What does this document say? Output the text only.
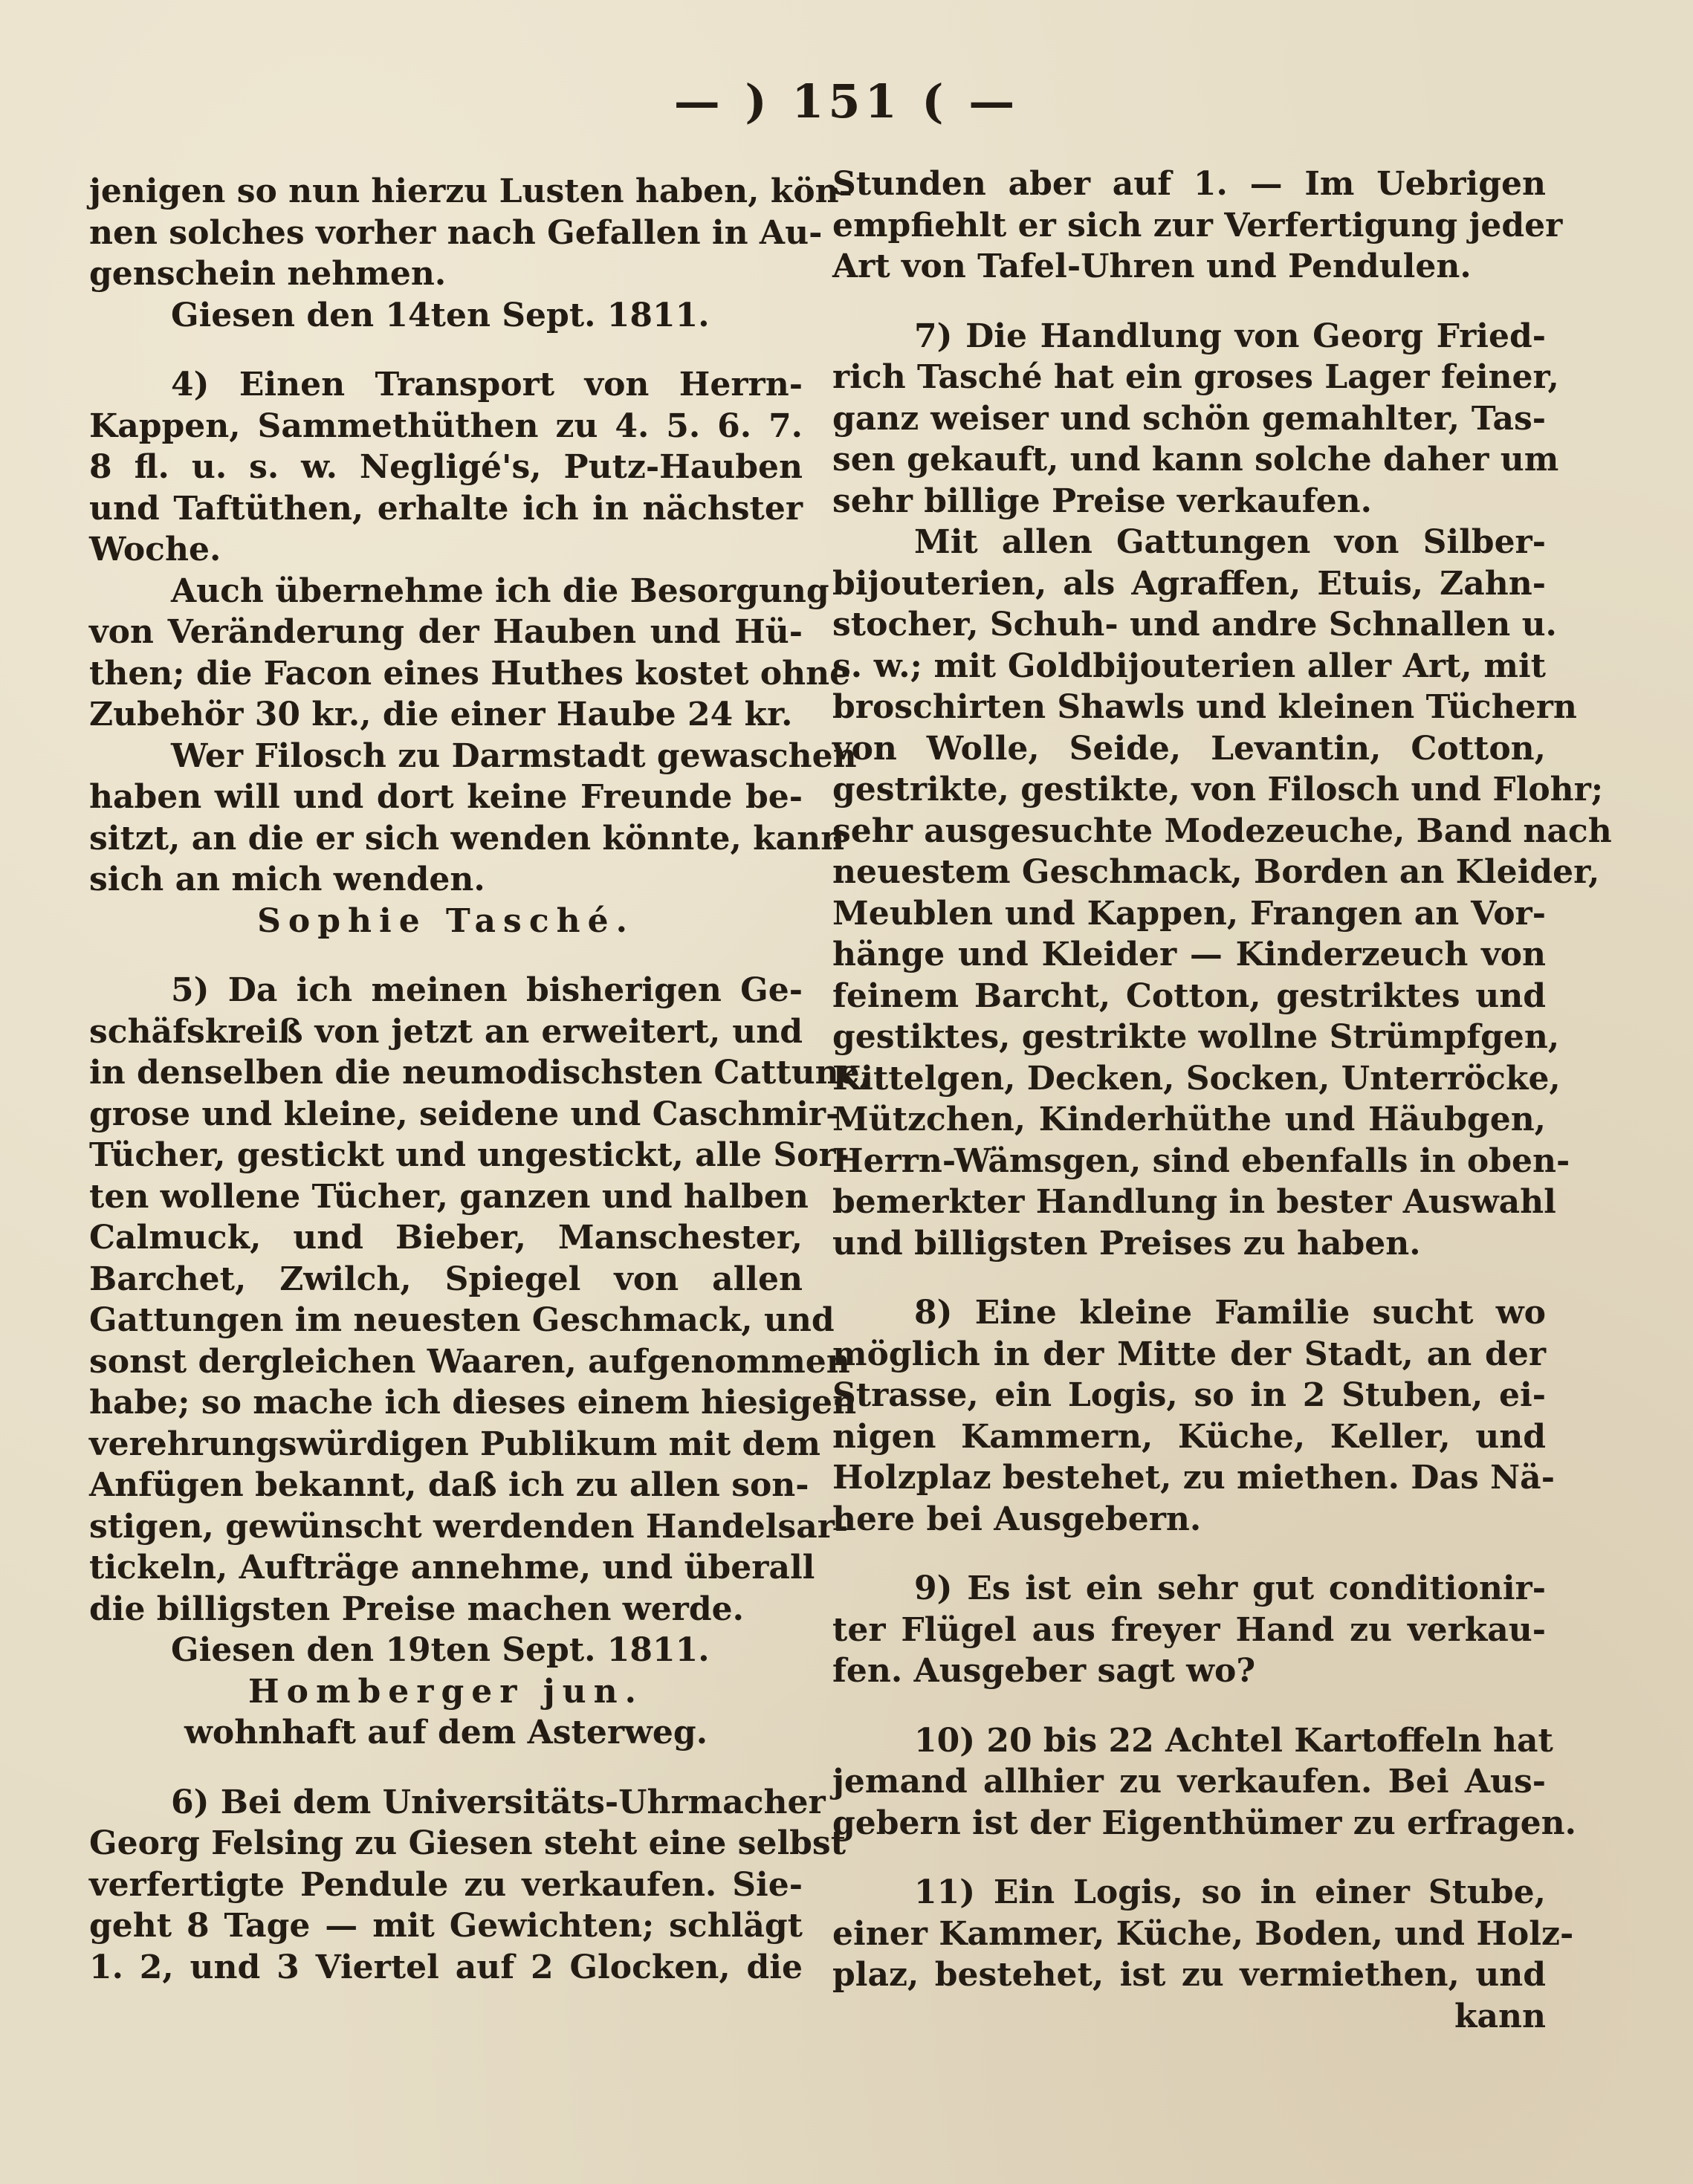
— ) 151 ( —
jenigen so nun hierzu Lusten haben, kön-
nen solches vorher nach Gefallen in Au-
genschein nehmen.
Giesen den 14ten Sept. 1811.
4) Einen Transport von Herrn-
Kappen, Sammethüthen zu 4. 5. 6. 7.
8 fl. u. s. w. Negligé's, Putz-Hauben
und Taftüthen, erhalte ich in nächster
Woche.
Auch übernehme ich die Besorgung
von Veränderung der Hauben und Hü-
then; die Facon eines Huthes kostet ohne
Zubehör 30 kr., die einer Haube 24 kr.
Wer Filosch zu Darmstadt gewaschen
haben will und dort keine Freunde be-
sitzt, an die er sich wenden könnte, kann
sich an mich wenden.
Sophie Tasché.
5) Da ich meinen bisherigen Ge-
schäfskreiß von jetzt an erweitert, und
in denselben die neumodischsten Cattune,
grose und kleine, seidene und Caschmir-
Tücher, gestickt und ungestickt, alle Sor-
ten wollene Tücher, ganzen und halben
Calmuck, und Bieber, Manschester,
Barchet, Zwilch, Spiegel von allen
Gattungen im neuesten Geschmack, und
sonst dergleichen Waaren, aufgenommen
habe; so mache ich dieses einem hiesigen
verehrungswürdigen Publikum mit dem
Anfügen bekannt, daß ich zu allen son-
stigen, gewünscht werdenden Handelsar-
tickeln, Aufträge annehme, und überall
die billigsten Preise machen werde.
Giesen den 19ten Sept. 1811.
Homberger jun.
wohnhaft auf dem Asterweg.
6) Bei dem Universitäts-Uhrmacher
Georg Felsing zu Giesen steht eine selbst
verfertigte Pendule zu verkaufen. Sie-
geht 8 Tage — mit Gewichten; schlägt
1. 2, und 3 Viertel auf 2 Glocken, die
Stunden aber auf 1. — Im Uebrigen
empfiehlt er sich zur Verfertigung jeder
Art von Tafel-Uhren und Pendulen.
7) Die Handlung von Georg Fried-
rich Tasché hat ein groses Lager feiner,
ganz weiser und schön gemahlter, Tas-
sen gekauft, und kann solche daher um
sehr billige Preise verkaufen.
Mit allen Gattungen von Silber-
bijouterien, als Agraffen, Etuis, Zahn-
stocher, Schuh- und andre Schnallen u.
s. w.; mit Goldbijouterien aller Art, mit
broschirten Shawls und kleinen Tüchern
von Wolle, Seide, Levantin, Cotton,
gestrikte, gestikte, von Filosch und Flohr;
sehr ausgesuchte Modezeuche, Band nach
neuestem Geschmack, Borden an Kleider,
Meublen und Kappen, Frangen an Vor-
hänge und Kleider — Kinderzeuch von
feinem Barcht, Cotton, gestriktes und
gestiktes, gestrikte wollne Strümpfgen,
Kittelgen, Decken, Socken, Unterröcke,
Mützchen, Kinderhüthe und Häubgen,
Herrn-Wämsgen, sind ebenfalls in oben-
bemerkter Handlung in bester Auswahl
und billigsten Preises zu haben.
8) Eine kleine Familie sucht wo
möglich in der Mitte der Stadt, an der
Strasse, ein Logis, so in 2 Stuben, ei-
nigen Kammern, Küche, Keller, und
Holzplaz bestehet, zu miethen. Das Nä-
here bei Ausgebern.
9) Es ist ein sehr gut conditionir-
ter Flügel aus freyer Hand zu verkau-
fen. Ausgeber sagt wo?
10) 20 bis 22 Achtel Kartoffeln hat
jemand allhier zu verkaufen. Bei Aus-
gebern ist der Eigenthümer zu erfragen.
11) Ein Logis, so in einer Stube,
einer Kammer, Küche, Boden, und Holz-
plaz, bestehet, ist zu vermiethen, und
kann
